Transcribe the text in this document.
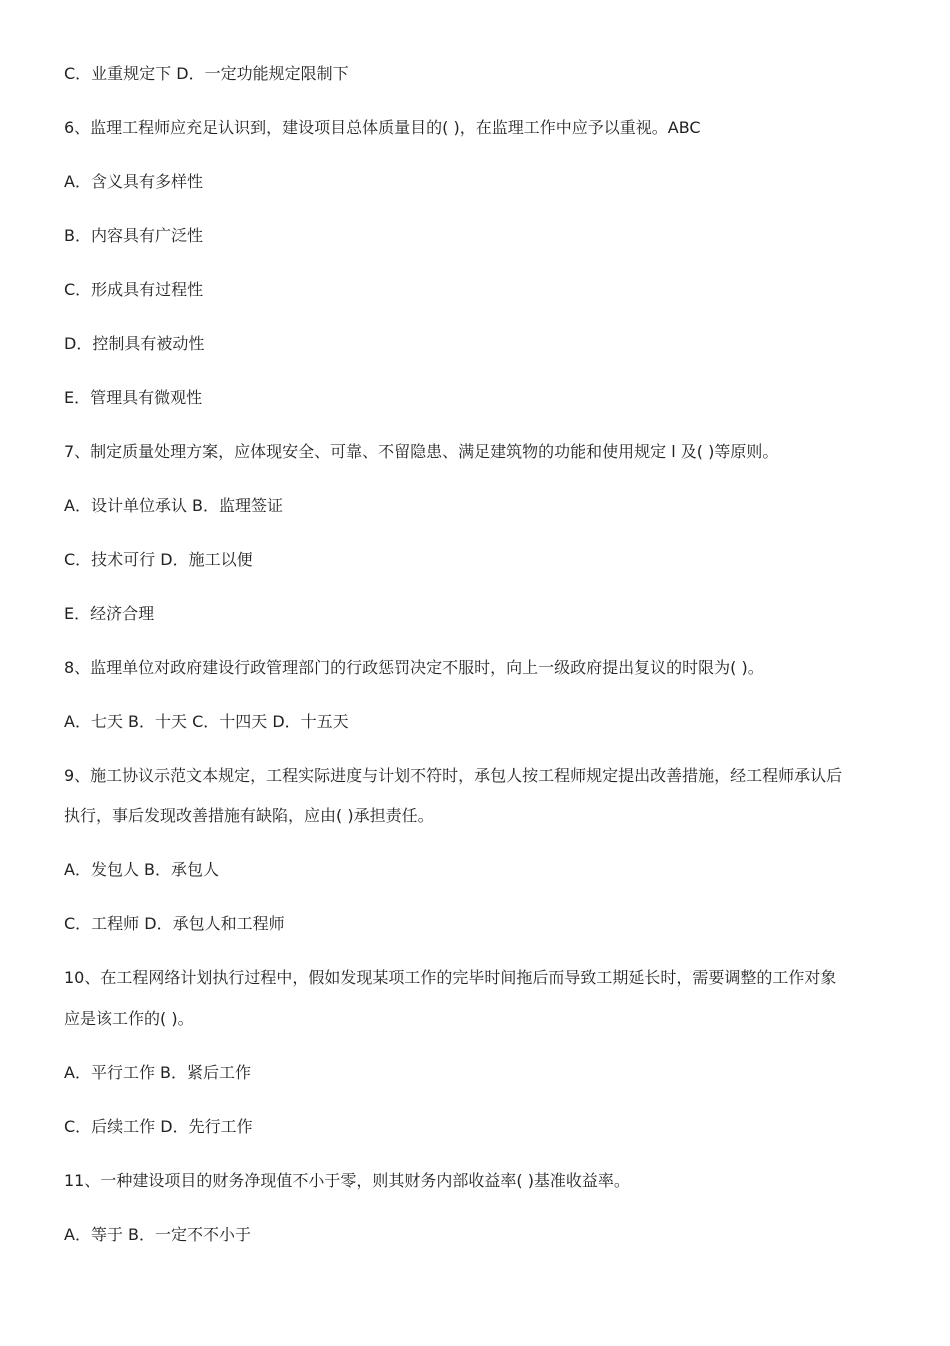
C．业重规定下 D．一定功能规定限制下
6、监理工程师应充足认识到，建设项目总体质量目的( )，在监理工作中应予以重视。ABC
A．含义具有多样性
B．内容具有广泛性
C．形成具有过程性
D．控制具有被动性
E．管理具有微观性
7、制定质量处理方案，应体现安全、可靠、不留隐患、满足建筑物的功能和使用规定 l 及( )等原则。
A．设计单位承认 B．监理签证
C．技术可行 D．施工以便
E．经济合理
8、监理单位对政府建设行政管理部门的行政惩罚决定不服时，向上一级政府提出复议的时限为( )。
A．七天 B．十天 C．十四天 D．十五天
9、施工协议示范文本规定，工程实际进度与计划不符时，承包人按工程师规定提出改善措施，经工程师承认后
执行，事后发现改善措施有缺陷，应由( )承担责任。
A．发包人 B．承包人
C．工程师 D．承包人和工程师
10、在工程网络计划执行过程中，假如发现某项工作的完毕时间拖后而导致工期延长时，需要调整的工作对象
应是该工作的( )。
A．平行工作 B．紧后工作
C．后续工作 D．先行工作
11、一种建设项目的财务净现值不小于零，则其财务内部收益率( )基准收益率。
A．等于 B．一定不不小于
